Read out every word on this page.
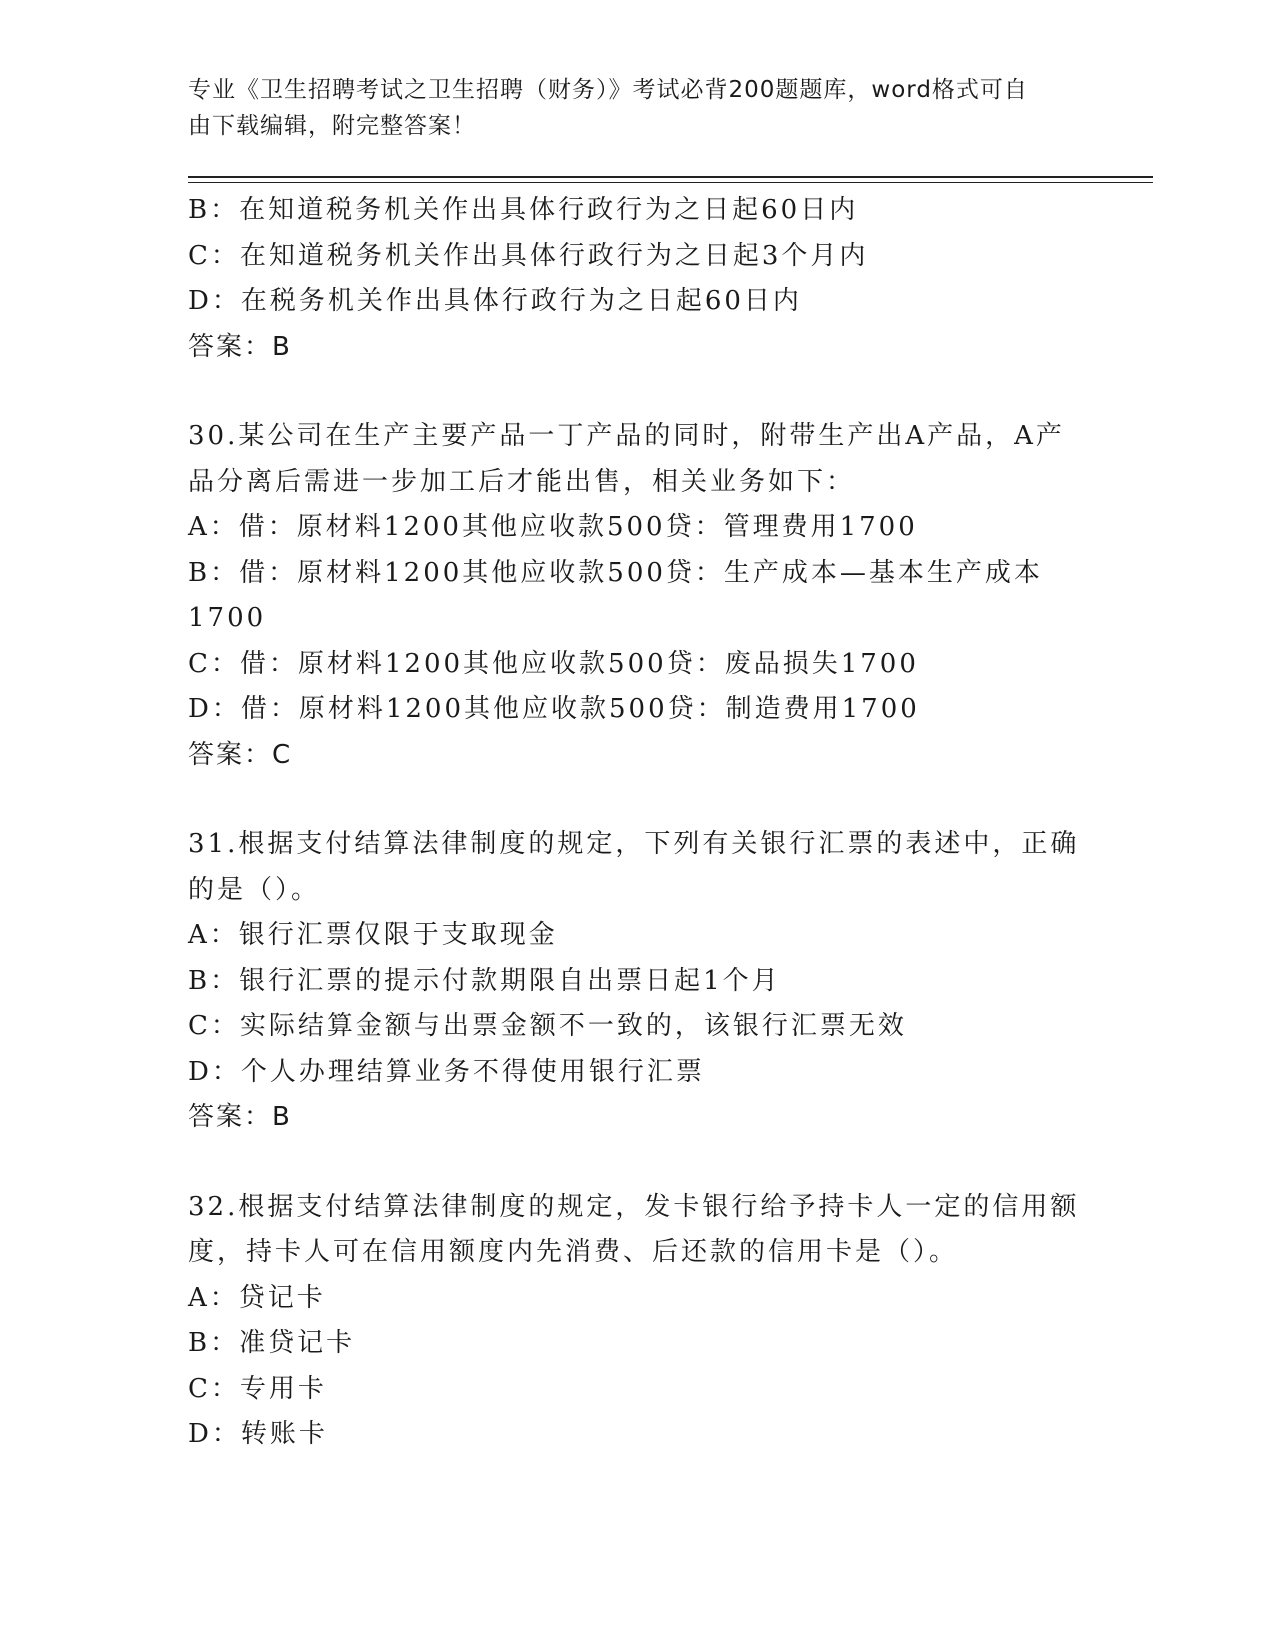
专业《卫生招聘考试之卫生招聘（财务）》考试必背200题题库，word格式可自
由下载编辑，附完整答案！
B：在知道税务机关作出具体行政行为之日起60日内
C：在知道税务机关作出具体行政行为之日起3个月内
D：在税务机关作出具体行政行为之日起60日内
答案：B
30.某公司在生产主要产品一丁产品的同时，附带生产出A产品，A产
品分离后需进一步加工后才能出售，相关业务如下：
A：借：原材料1200其他应收款500贷：管理费用1700
B：借：原材料1200其他应收款500贷：生产成本—基本生产成本
1700
C：借：原材料1200其他应收款500贷：废品损失1700
D：借：原材料1200其他应收款500贷：制造费用1700
答案：C
31.根据支付结算法律制度的规定，下列有关银行汇票的表述中，正确
的是（）。
A：银行汇票仅限于支取现金
B：银行汇票的提示付款期限自出票日起1个月
C：实际结算金额与出票金额不一致的，该银行汇票无效
D：个人办理结算业务不得使用银行汇票
答案：B
32.根据支付结算法律制度的规定，发卡银行给予持卡人一定的信用额
度，持卡人可在信用额度内先消费、后还款的信用卡是（）。
A：贷记卡
B：准贷记卡
C：专用卡
D：转账卡
